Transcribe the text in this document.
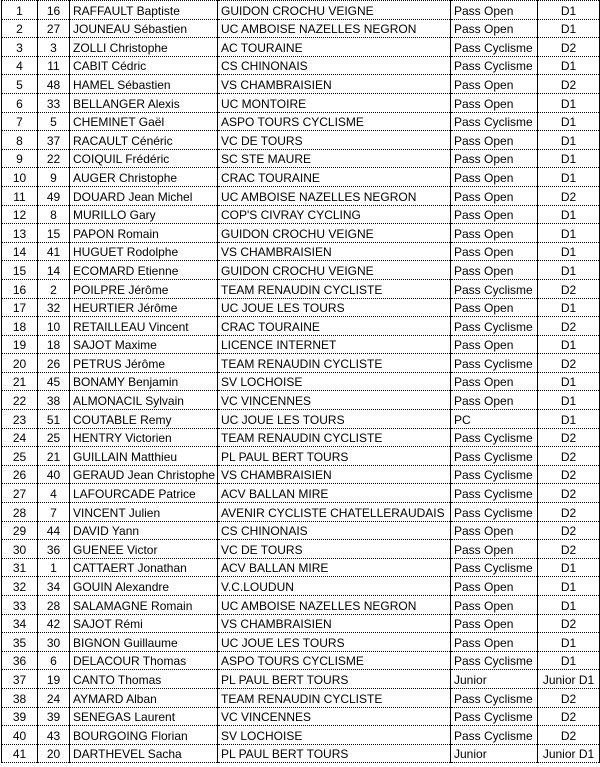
1	16	RAFFAULT Baptiste	GUIDON CROCHU VEIGNE	Pass Open	D1
2	27	JOUNEAU Sébastien	UC AMBOISE NAZELLES NEGRON	Pass Open	D1
3	3	ZOLLI Christophe	AC TOURAINE	Pass Cyclisme	D2
4	11	CABIT Cédric	CS CHINONAIS	Pass Cyclisme	D1
5	48	HAMEL Sébastien	VS CHAMBRAISIEN	Pass Open	D2
6	33	BELLANGER Alexis	UC MONTOIRE	Pass Open	D1
7	5	CHEMINET Gaël	ASPO TOURS CYCLISME	Pass Cyclisme	D1
8	37	RACAULT Cénéric	VC DE TOURS	Pass Open	D1
9	22	COIQUIL Frédéric	SC STE MAURE	Pass Open	D1
10	9	AUGER Christophe	CRAC TOURAINE	Pass Open	D1
11	49	DOUARD Jean Michel	UC AMBOISE NAZELLES NEGRON	Pass Open	D2
12	8	MURILLO Gary	COP'S CIVRAY CYCLING	Pass Open	D1
13	15	PAPON Romain	GUIDON CROCHU VEIGNE	Pass Open	D1
14	41	HUGUET Rodolphe	VS CHAMBRAISIEN	Pass Open	D1
15	14	ECOMARD Etienne	GUIDON CROCHU VEIGNE	Pass Open	D1
16	2	POILPRE Jérôme	TEAM RENAUDIN CYCLISTE	Pass Cyclisme	D2
17	32	HEURTIER Jérôme	UC JOUE LES TOURS	Pass Open	D1
18	10	RETAILLEAU Vincent	CRAC TOURAINE	Pass Cyclisme	D2
19	18	SAJOT Maxime	LICENCE INTERNET	Pass Open	D1
20	26	PETRUS Jérôme	TEAM RENAUDIN CYCLISTE	Pass Cyclisme	D2
21	45	BONAMY Benjamin	SV LOCHOISE	Pass Open	D1
22	38	ALMONACIL Sylvain	VC VINCENNES	Pass Open	D1
23	51	COUTABLE Remy	UC JOUE LES TOURS	PC	D1
24	25	HENTRY Victorien	TEAM RENAUDIN CYCLISTE	Pass Cyclisme	D2
25	21	GUILLAIN Matthieu	PL PAUL BERT TOURS	Pass Cyclisme	D2
26	40	GERAUD Jean Christophe	VS CHAMBRAISIEN	Pass Cyclisme	D2
27	4	LAFOURCADE Patrice	ACV BALLAN MIRE	Pass Cyclisme	D2
28	7	VINCENT Julien	AVENIR CYCLISTE CHATELLERAUDAIS	Pass Cyclisme	D2
29	44	DAVID Yann	CS CHINONAIS	Pass Open	D2
30	36	GUENEE Victor	VC DE TOURS	Pass Open	D2
31	1	CATTAERT Jonathan	ACV BALLAN MIRE	Pass Cyclisme	D1
32	34	GOUIN Alexandre	V.C.LOUDUN	Pass Open	D1
33	28	SALAMAGNE Romain	UC AMBOISE NAZELLES NEGRON	Pass Open	D1
34	42	SAJOT Rémi	VS CHAMBRAISIEN	Pass Open	D2
35	30	BIGNON Guillaume	UC JOUE LES TOURS	Pass Open	D1
36	6	DELACOUR Thomas	ASPO TOURS CYCLISME	Pass Cyclisme	D1
37	19	CANTO Thomas	PL PAUL BERT TOURS	Junior	Junior D1
38	24	AYMARD Alban	TEAM RENAUDIN CYCLISTE	Pass Cyclisme	D2
39	39	SENEGAS Laurent	VC VINCENNES	Pass Cyclisme	D2
40	43	BOURGOING Florian	SV LOCHOISE	Pass Cyclisme	D2
41	20	DARTHEVEL Sacha	PL PAUL BERT TOURS	Junior	Junior D1
